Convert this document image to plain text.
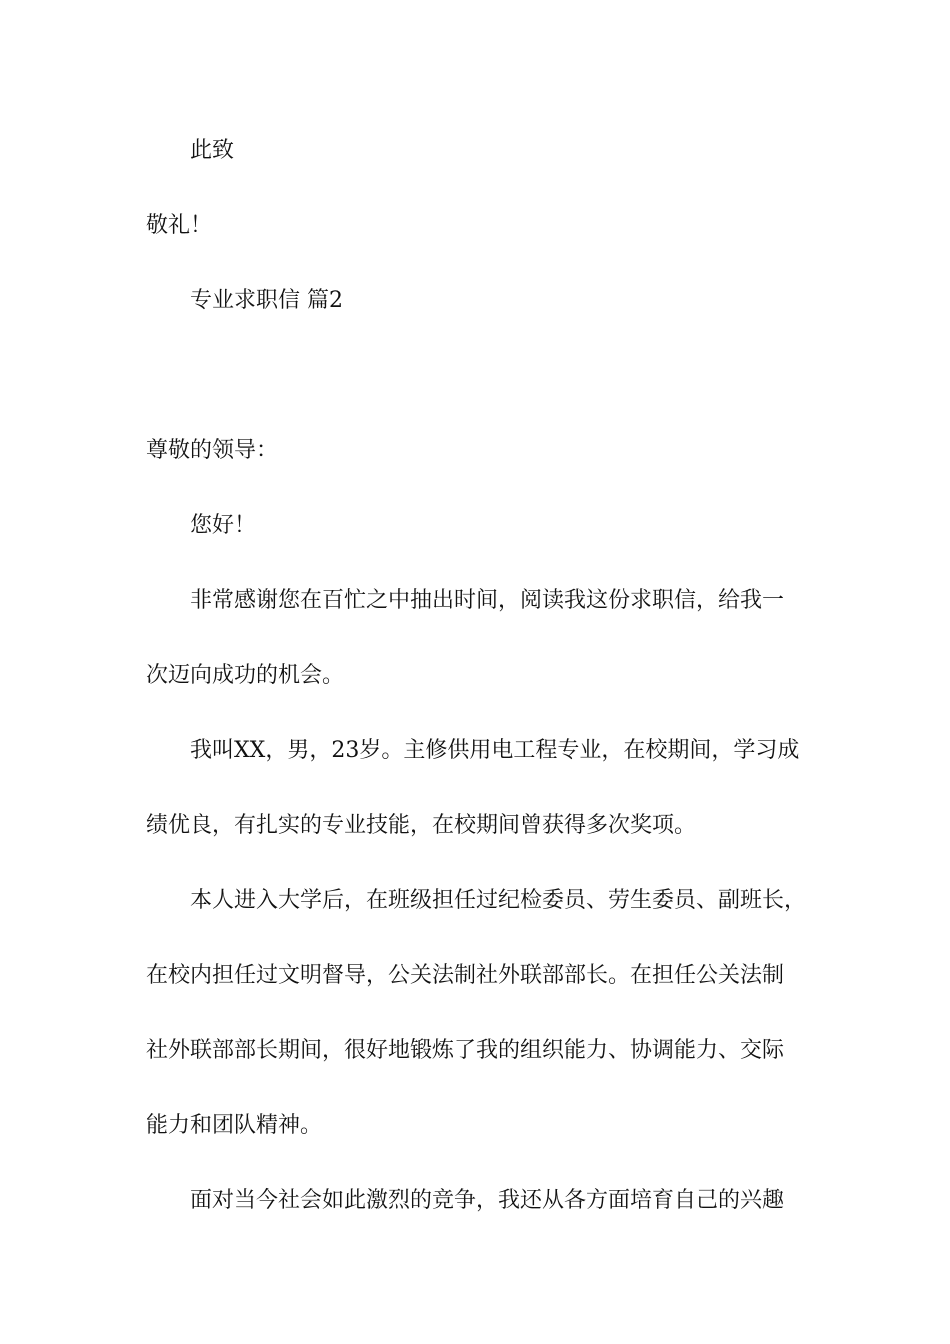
此致

敬礼！

专业求职信 篇2

尊敬的领导：

您好！

非常感谢您在百忙之中抽出时间，阅读我这份求职信，给我一

次迈向成功的机会。

我叫XX，男，23岁。主修供用电工程专业，在校期间，学习成

绩优良，有扎实的专业技能，在校期间曾获得多次奖项。

本人进入大学后，在班级担任过纪检委员、劳生委员、副班长，

在校内担任过文明督导，公关法制社外联部部长。在担任公关法制

社外联部部长期间，很好地锻炼了我的组织能力、协调能力、交际

能力和团队精神。

面对当今社会如此激烈的竞争，我还从各方面培育自己的兴趣
